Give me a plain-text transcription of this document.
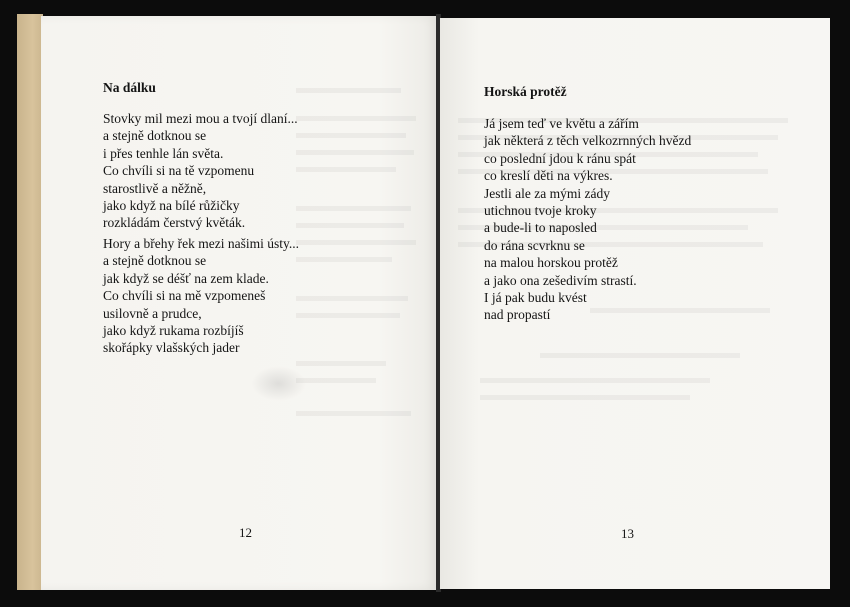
Na dálku

Stovky mil mezi mou a tvojí dlaní...
a stejně dotknou se
i přes tenhle lán světa.
Co chvíli si na tě vzpomenu
starostlivě a něžně,
jako když na bílé růžičky
rozkládám čerstvý květák.

Hory a břehy řek mezi našimi ústy...
a stejně dotknou se
jak když se déšť na zem klade.
Co chvíli si na mě vzpomeneš
usilovně a prudce,
jako když rukama rozbíjíš
skořápky vlašských jader

12
Horská protěž

Já jsem teď ve květu a zářím
jak některá z těch velkozrnných hvězd
co poslední jdou k ránu spát
co kreslí děti na výkres.
Jestli ale za mými zády
utichnou tvoje kroky
a bude-li to naposled
do rána scvrknu se
na malou horskou protěž
a jako ona zešedivím strastí.
I já pak budu kvést
nad propastí

13
